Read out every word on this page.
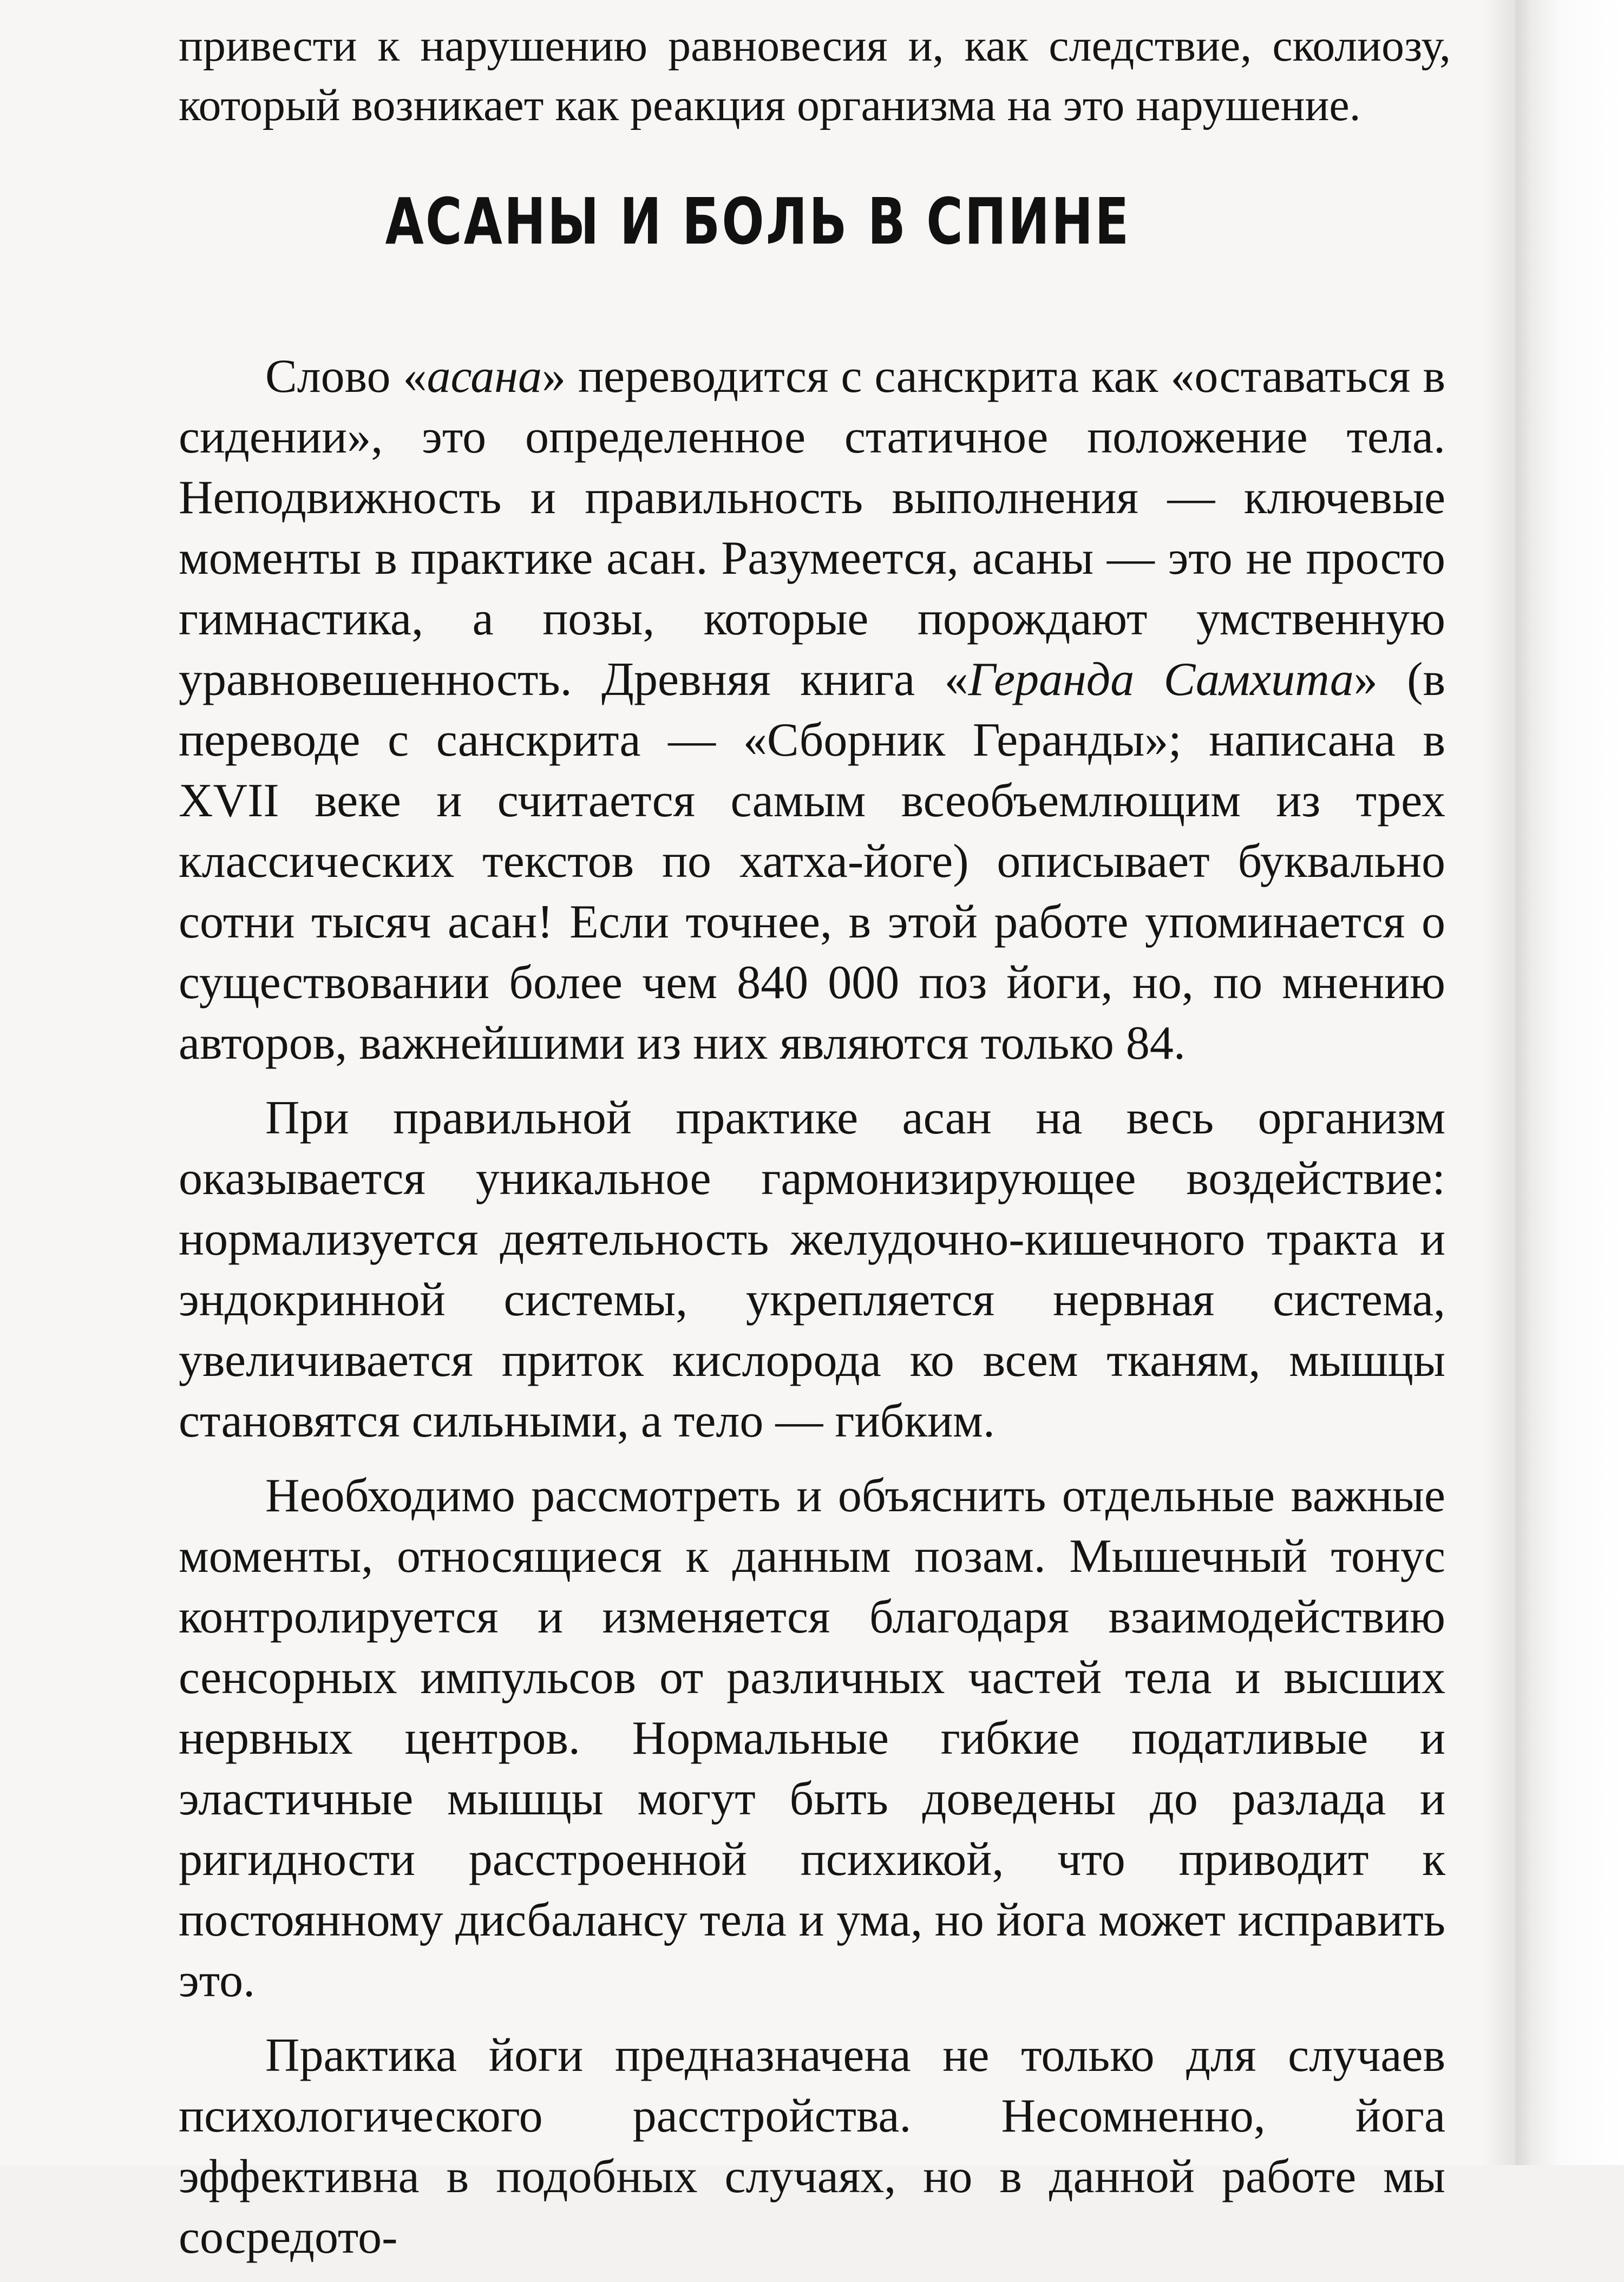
привести к нарушению равновесия и, как следствие, сколиозу, который возникает как реакция организма на это нарушение.

АСАНЫ И БОЛЬ В СПИНЕ

Слово «асана» переводится с санскрита как «оставаться в сидении», это определенное статичное положение тела. Неподвижность и правильность выполнения — ключевые моменты в практике асан. Разумеется, асаны — это не просто гимнастика, а позы, которые порождают умственную уравновешенность. Древняя книга «Геранда Самхита» (в переводе с санскрита — «Сборник Геранды»; написана в XVII веке и считается самым всеобъемлющим из трех классических текстов по хатха-йоге) описывает буквально сотни тысяч асан! Если точнее, в этой работе упоминается о существовании более чем 840 000 поз йоги, но, по мнению авторов, важнейшими из них являются только 84.

При правильной практике асан на весь организм оказывается уникальное гармонизирующее воздействие: нормализуется деятельность желудочно-кишечного тракта и эндокринной системы, укрепляется нервная система, увеличивается приток кислорода ко всем тканям, мышцы становятся сильными, а тело — гибким.

Необходимо рассмотреть и объяснить отдельные важные моменты, относящиеся к данным позам. Мышечный тонус контролируется и изменяется благодаря взаимодействию сенсорных импульсов от различных частей тела и высших нервных центров. Нормальные гибкие податливые и эластичные мышцы могут быть доведены до разлада и ригидности расстроенной психикой, что приводит к постоянному дисбалансу тела и ума, но йога может исправить это.

Практика йоги предназначена не только для случаев психологического расстройства. Несомненно, йога эффективна в подобных случаях, но в данной работе мы сосредото-
